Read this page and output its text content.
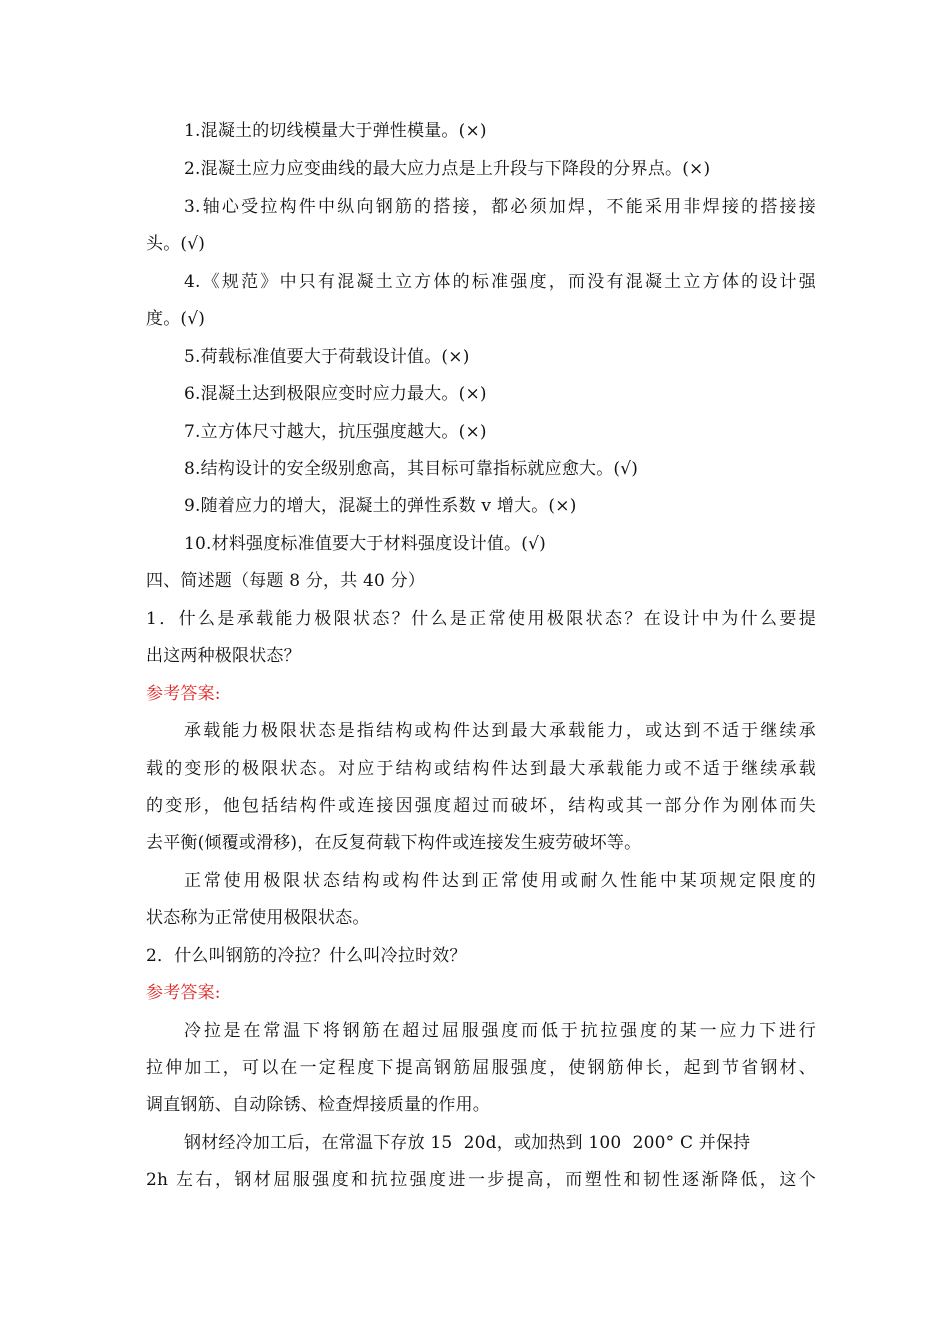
1.混凝土的切线模量大于弹性模量。(×)
2.混凝土应力应变曲线的最大应力点是上升段与下降段的分界点。(×)
3.轴心受拉构件中纵向钢筋的搭接，都必须加焊，不能采用非焊接的搭接接
头。(√)
4.《规范》中只有混凝土立方体的标准强度，而没有混凝土立方体的设计强
度。(√)
5.荷载标准值要大于荷载设计值。(×)
6.混凝土达到极限应变时应力最大。(×)
7.立方体尺寸越大，抗压强度越大。(×)
8.结构设计的安全级别愈高，其目标可靠指标就应愈大。(√)
9.随着应力的增大，混凝土的弹性系数 v 增大。(×)
10.材料强度标准值要大于材料强度设计值。(√)
四、简述题（每题 8 分，共 40 分）
1．什么是承载能力极限状态？什么是正常使用极限状态？在设计中为什么要提
出这两种极限状态？
参考答案:
承载能力极限状态是指结构或构件达到最大承载能力，或达到不适于继续承
载的变形的极限状态。对应于结构或结构件达到最大承载能力或不适于继续承载
的变形，他包括结构件或连接因强度超过而破坏，结构或其一部分作为刚体而失
去平衡(倾覆或滑移)，在反复荷载下构件或连接发生疲劳破坏等。
正常使用极限状态结构或构件达到正常使用或耐久性能中某项规定限度的
状态称为正常使用极限状态。
2．什么叫钢筋的冷拉？什么叫冷拉时效？
参考答案:
冷拉是在常温下将钢筋在超过屈服强度而低于抗拉强度的某一应力下进行
拉伸加工，可以在一定程度下提高钢筋屈服强度，使钢筋伸长，起到节省钢材、
调直钢筋、自动除锈、检查焊接质量的作用。
钢材经冷加工后，在常温下存放 15  20d，或加热到 100  200° C 并保持
2h 左右，钢材屈服强度和抗拉强度进一步提高，而塑性和韧性逐渐降低，这个
